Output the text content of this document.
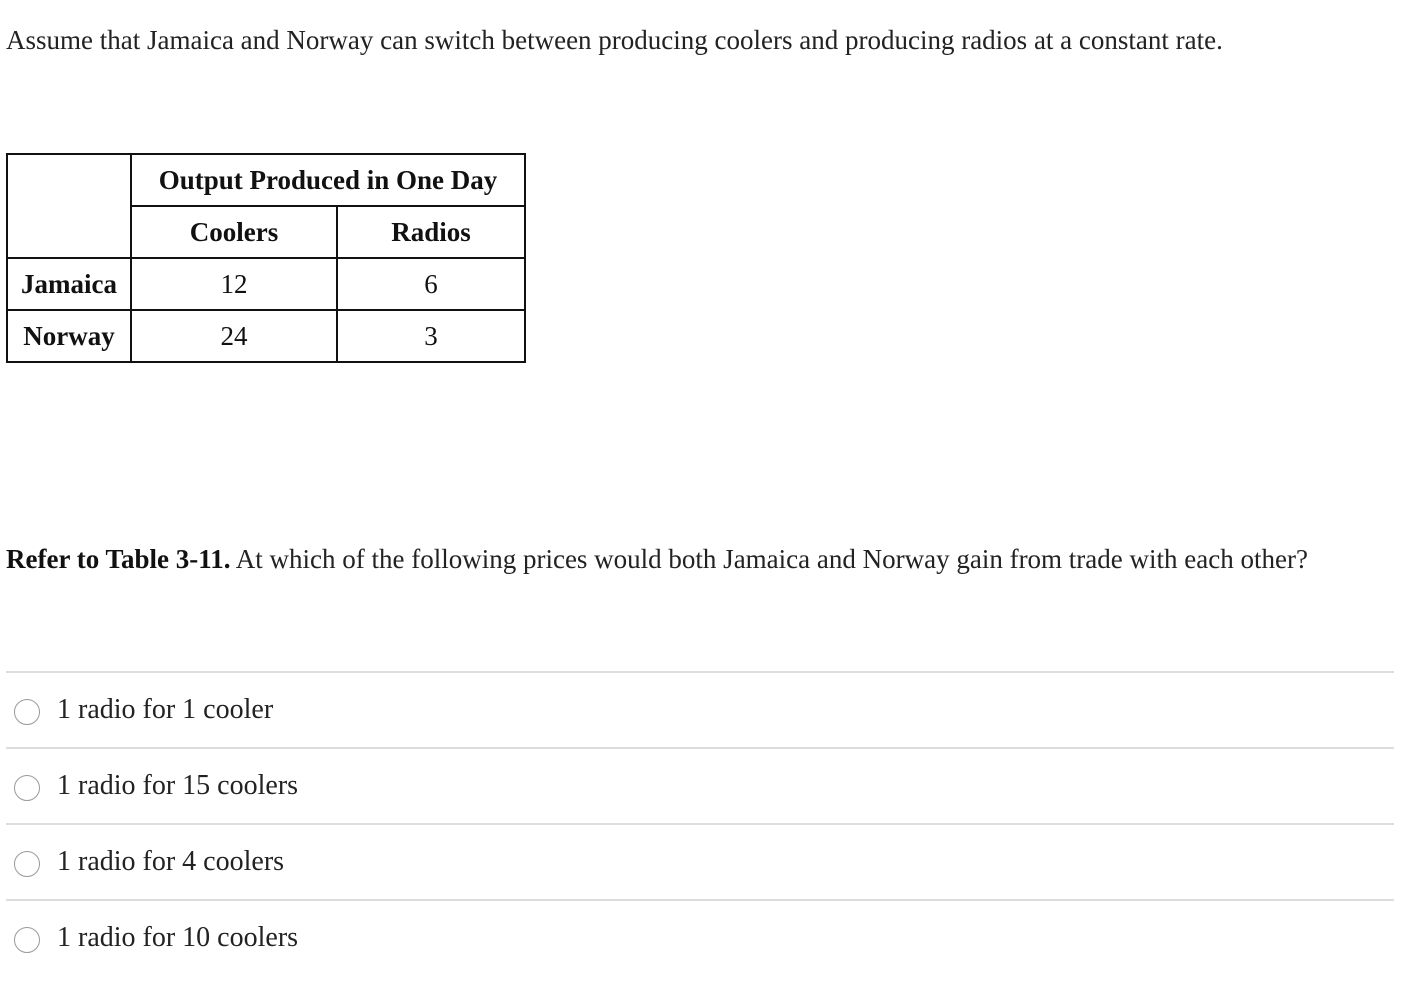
Assume that Jamaica and Norway can switch between producing coolers and producing radios at a constant rate.
	Output Produced in One Day	
	Coolers	Radios
Jamaica	12	6
Norway	24	3
Refer to Table 3-11. At which of the following prices would both Jamaica and Norway gain from trade with each other?
1 radio for 1 cooler
1 radio for 15 coolers
1 radio for 4 coolers
1 radio for 10 coolers
